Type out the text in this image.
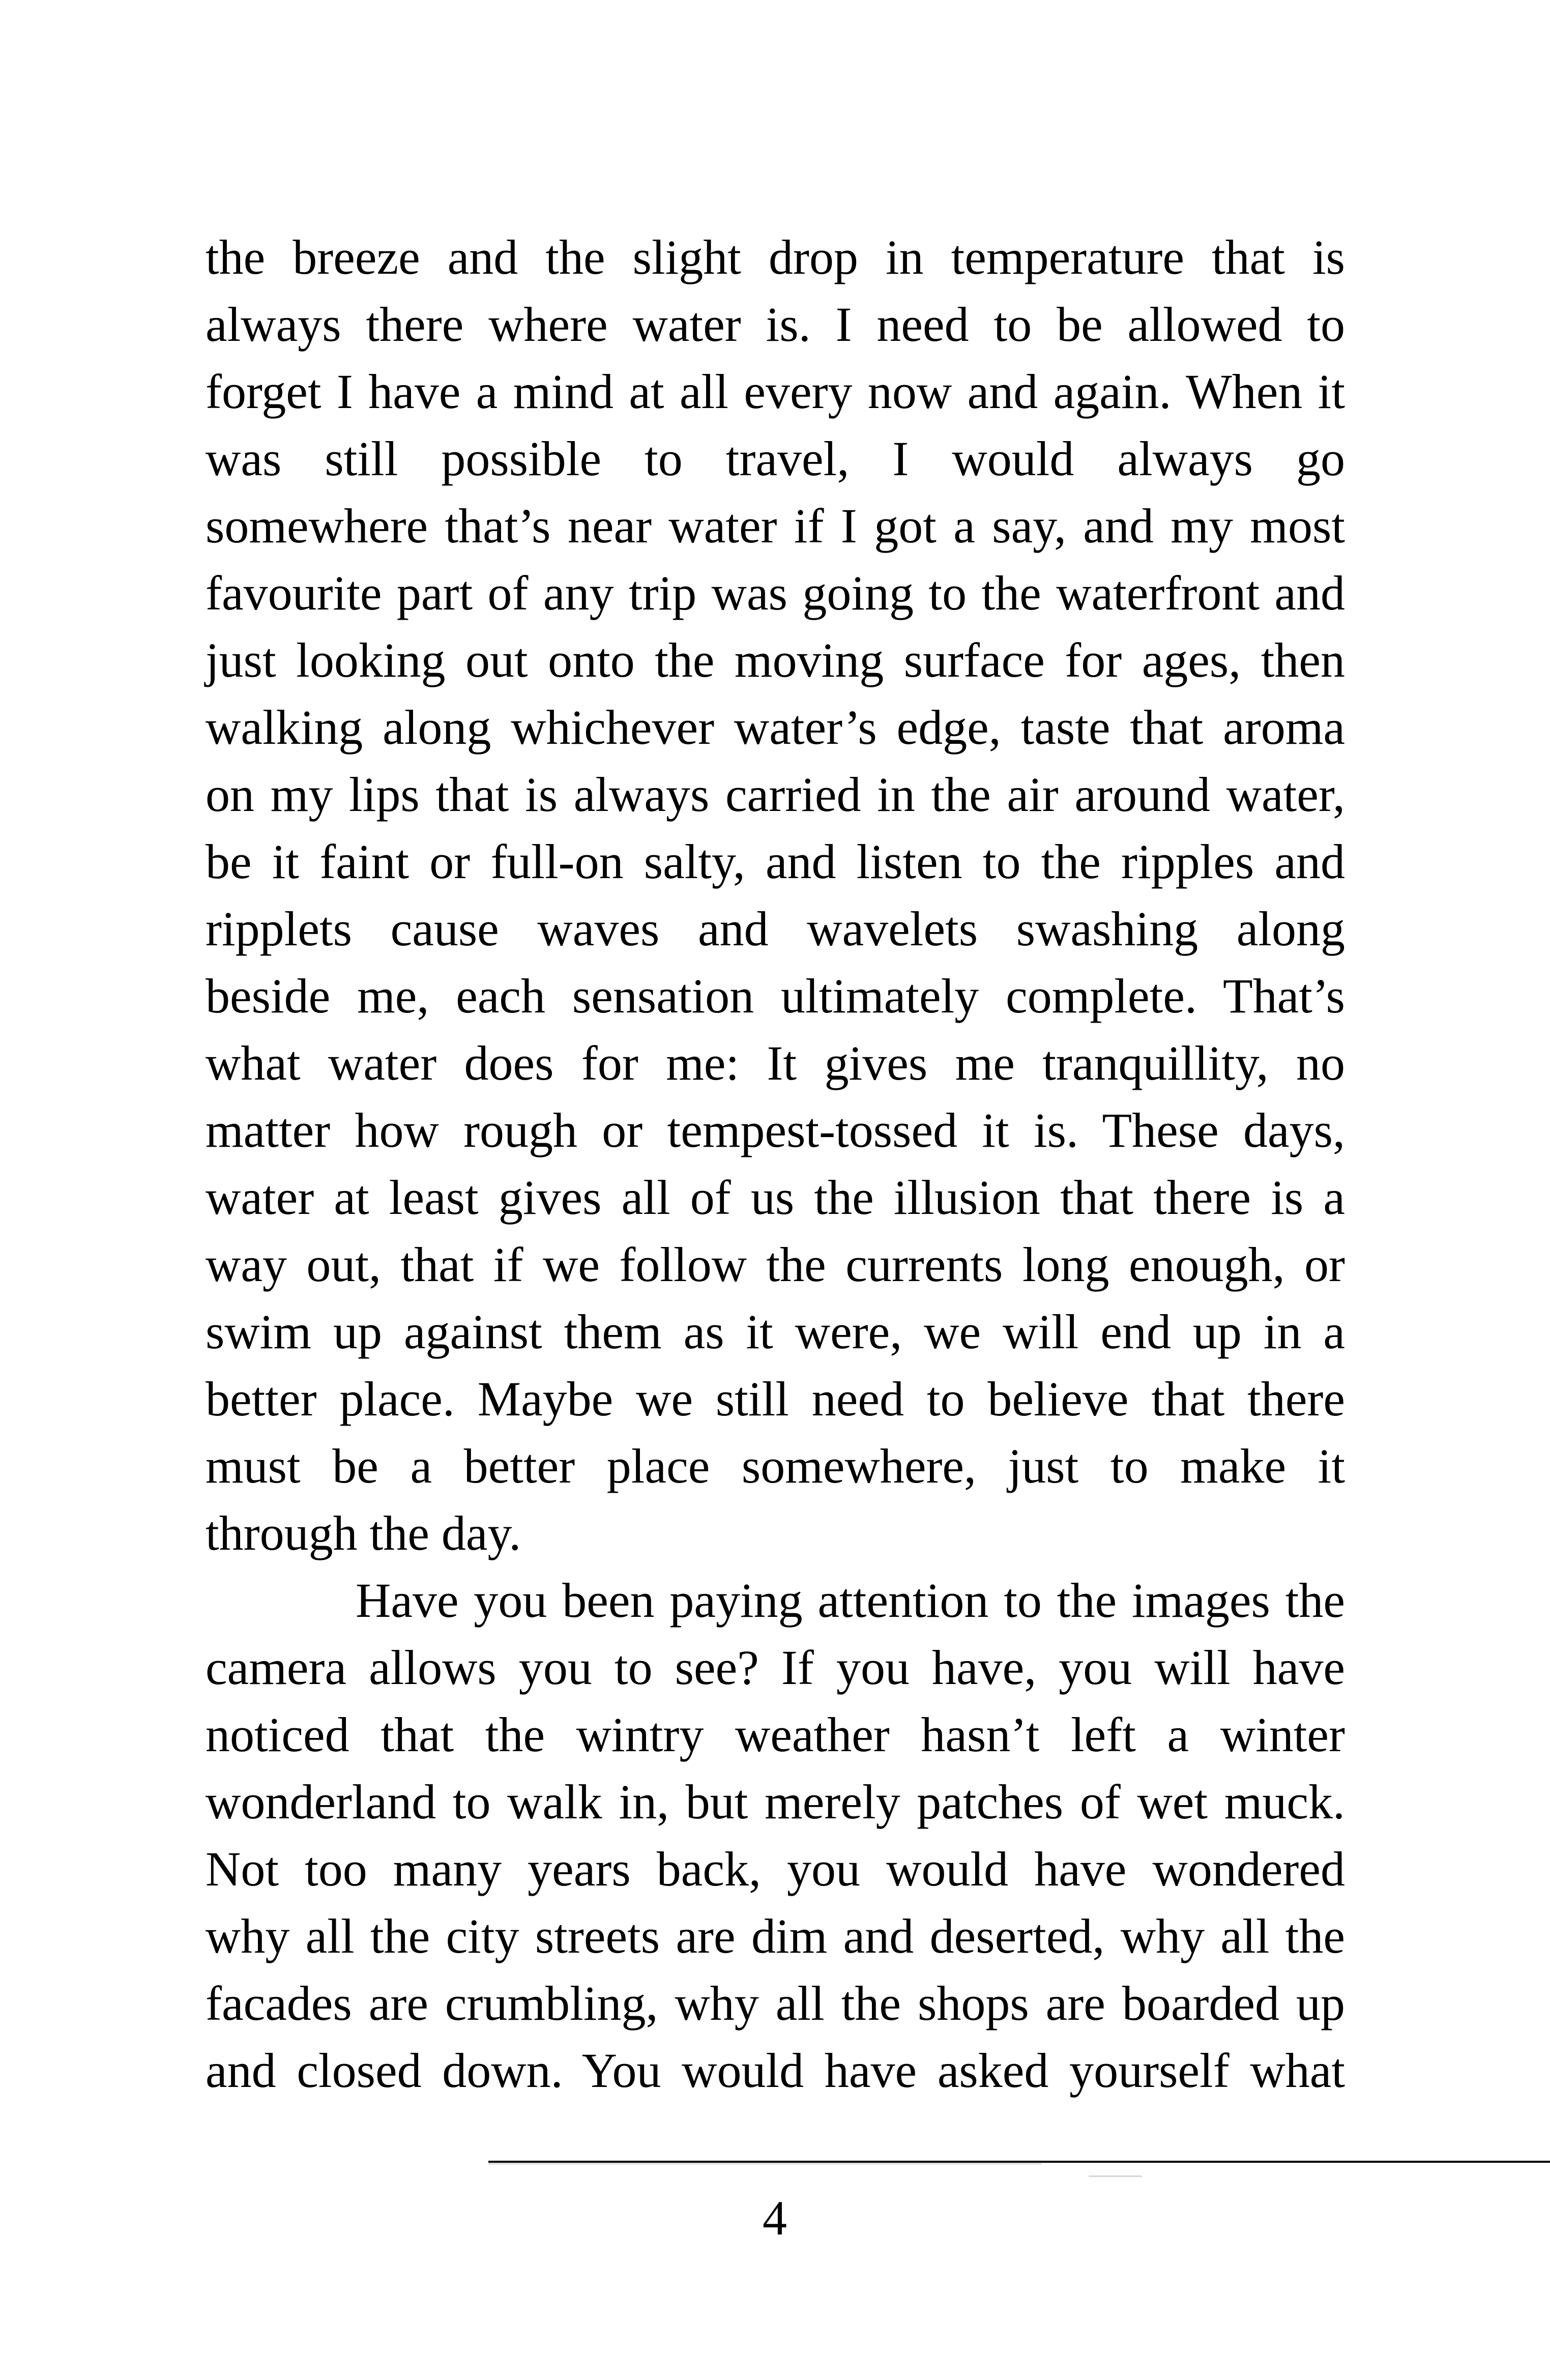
the breeze and the slight drop in temperature that is
always there where water is. I need to be allowed to
forget I have a mind at all every now and again. When it
was still possible to travel, I would always go
somewhere that’s near water if I got a say, and my most
favourite part of any trip was going to the waterfront and
just looking out onto the moving surface for ages, then
walking along whichever water’s edge, taste that aroma
on my lips that is always carried in the air around water,
be it faint or full-on salty, and listen to the ripples and
ripplets cause waves and wavelets swashing along
beside me, each sensation ultimately complete. That’s
what water does for me: It gives me tranquillity, no
matter how rough or tempest-tossed it is. These days,
water at least gives all of us the illusion that there is a
way out, that if we follow the currents long enough, or
swim up against them as it were, we will end up in a
better place. Maybe we still need to believe that there
must be a better place somewhere, just to make it
through the day.
Have you been paying attention to the images the
camera allows you to see? If you have, you will have
noticed that the wintry weather hasn’t left a winter
wonderland to walk in, but merely patches of wet muck.
Not too many years back, you would have wondered
why all the city streets are dim and deserted, why all the
facades are crumbling, why all the shops are boarded up
and closed down. You would have asked yourself what
4
